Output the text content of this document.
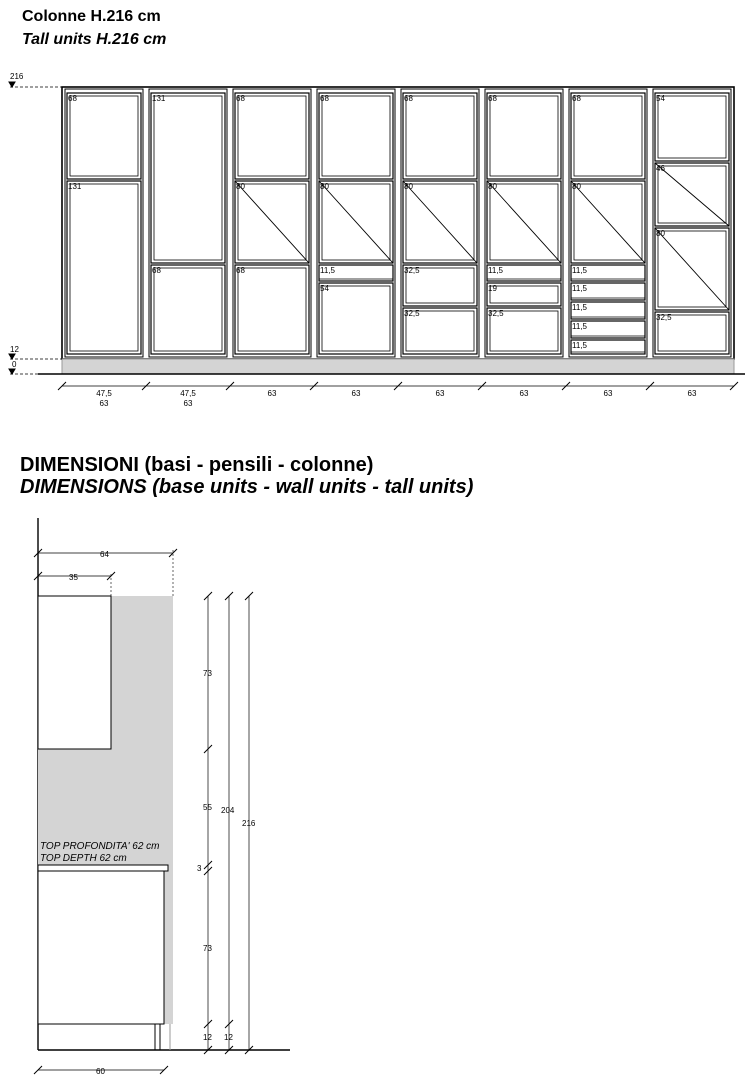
Colonne H.216 cm
Tall units H.216 cm
216
12
0
68
131
47,5
63
131
68
47,5
63
68
80
68
63
68
80
11,5
54
63
68
80
32,5
32,5
63
68
80
11,5
19
32,5
63
68
80
11,5
11,5
11,5
11,5
11,5
63
54
46
80
32,5
63
DIMENSIONI (basi - pensili - colonne)
DIMENSIONS (base units - wall units - tall units)
64
35
60
73
55
3
73
12 12
204
216
TOP PROFONDITA' 62 cm
TOP DEPTH 62 cm
